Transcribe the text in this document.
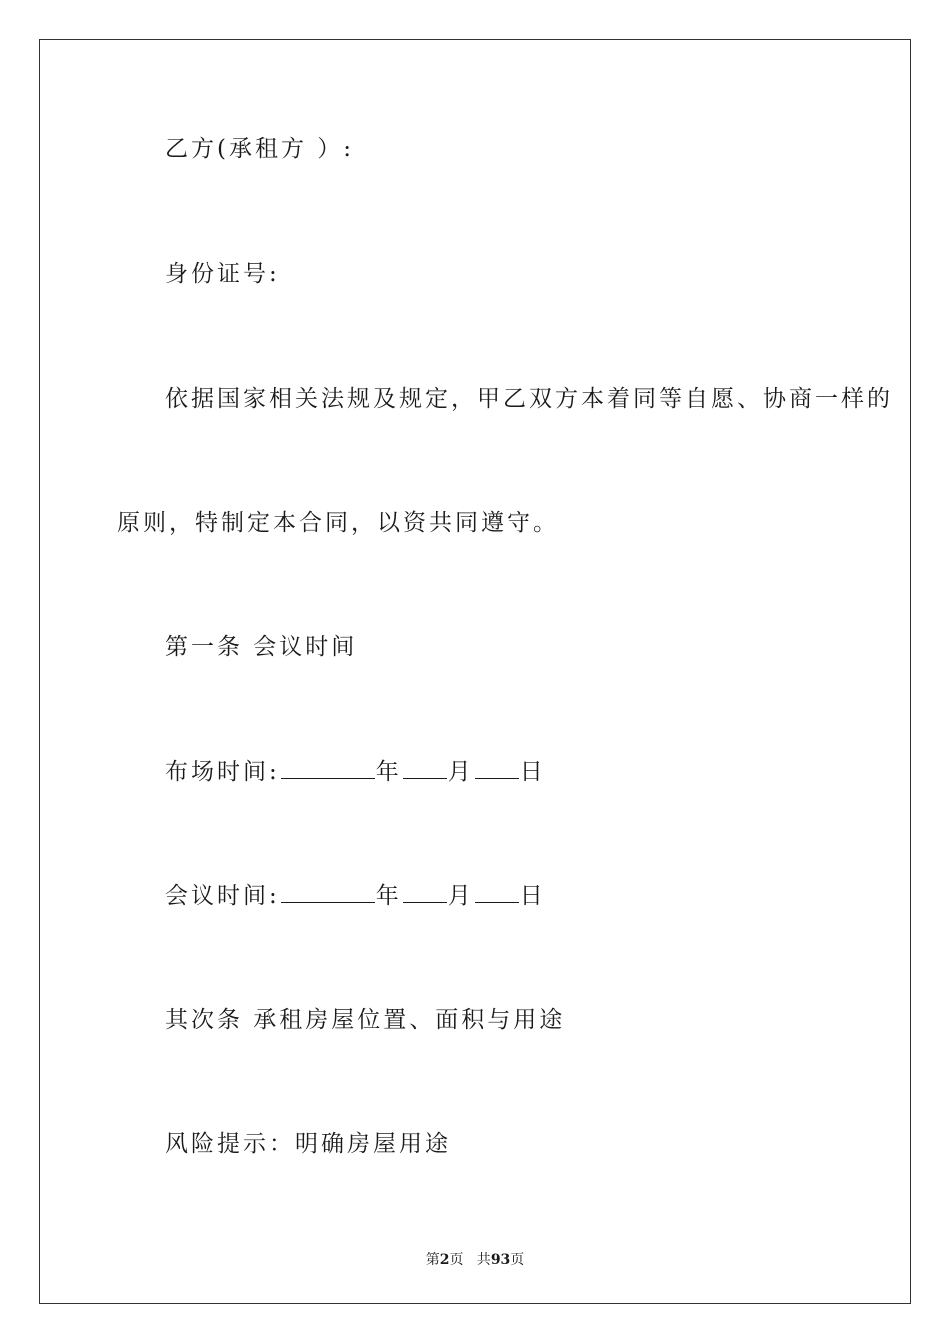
乙方(承租方 ）:
身份证号:
依据国家相关法规及规定，甲乙双方本着同等自愿、协商一样的
原则，特制定本合同，以资共同遵守。
第一条 会议时间
布场时间:	年 月 日
会议时间:	年 月 日
其次条 承租房屋位置、面积与用途
风险提示：明确房屋用途
第2页   共93页
